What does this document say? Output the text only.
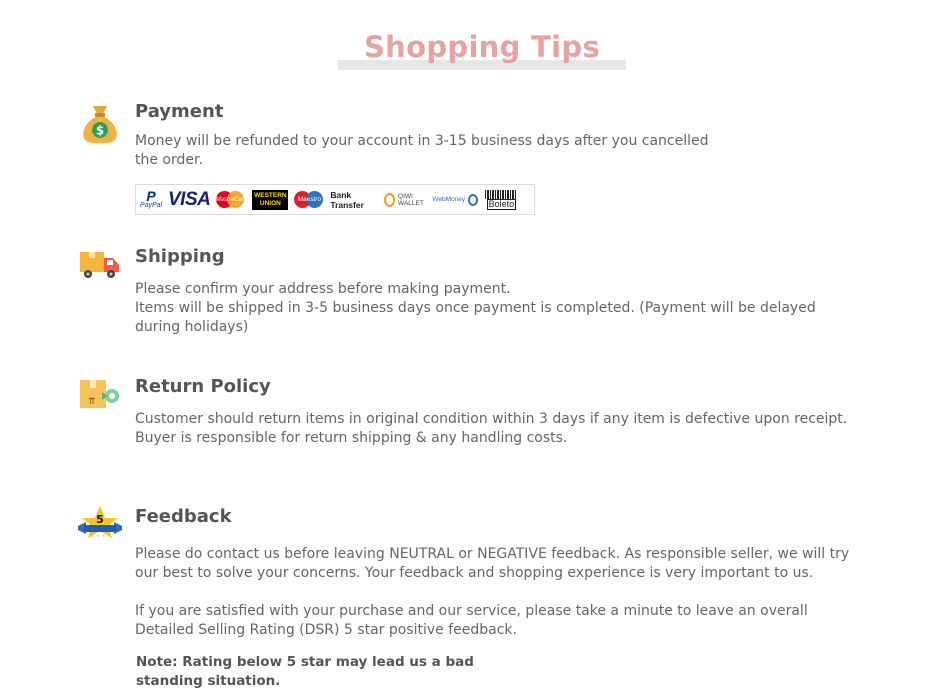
Shopping Tips
$
Payment
Money will be refunded to your account in 3-15 business days after you cancelled the order.
P
PayPal VISA MasterCard
WESTERN UNION	Maestro Bank Transfer
QIWI WALLET	WebMoney	Boleto
Shipping
Please confirm your address before making payment.
Items will be shipped in 3-5 business days once payment is completed. (Payment will be delayed during holidays)
⇈
Return Policy
Customer should return items in original condition within 3 days if any item is defective upon receipt. Buyer is responsible for return shipping & any handling costs.
5
★ ★ ★
Feedback
Please do contact us before leaving NEUTRAL or NEGATIVE feedback. As responsible seller, we will try our best to solve your concerns. Your feedback and shopping experience is very important to us.
If you are satisfied with your purchase and our service, please take a minute to leave an overall Detailed Selling Rating (DSR) 5 star positive feedback.
Note: Rating below 5 star may lead us a bad standing situation.
